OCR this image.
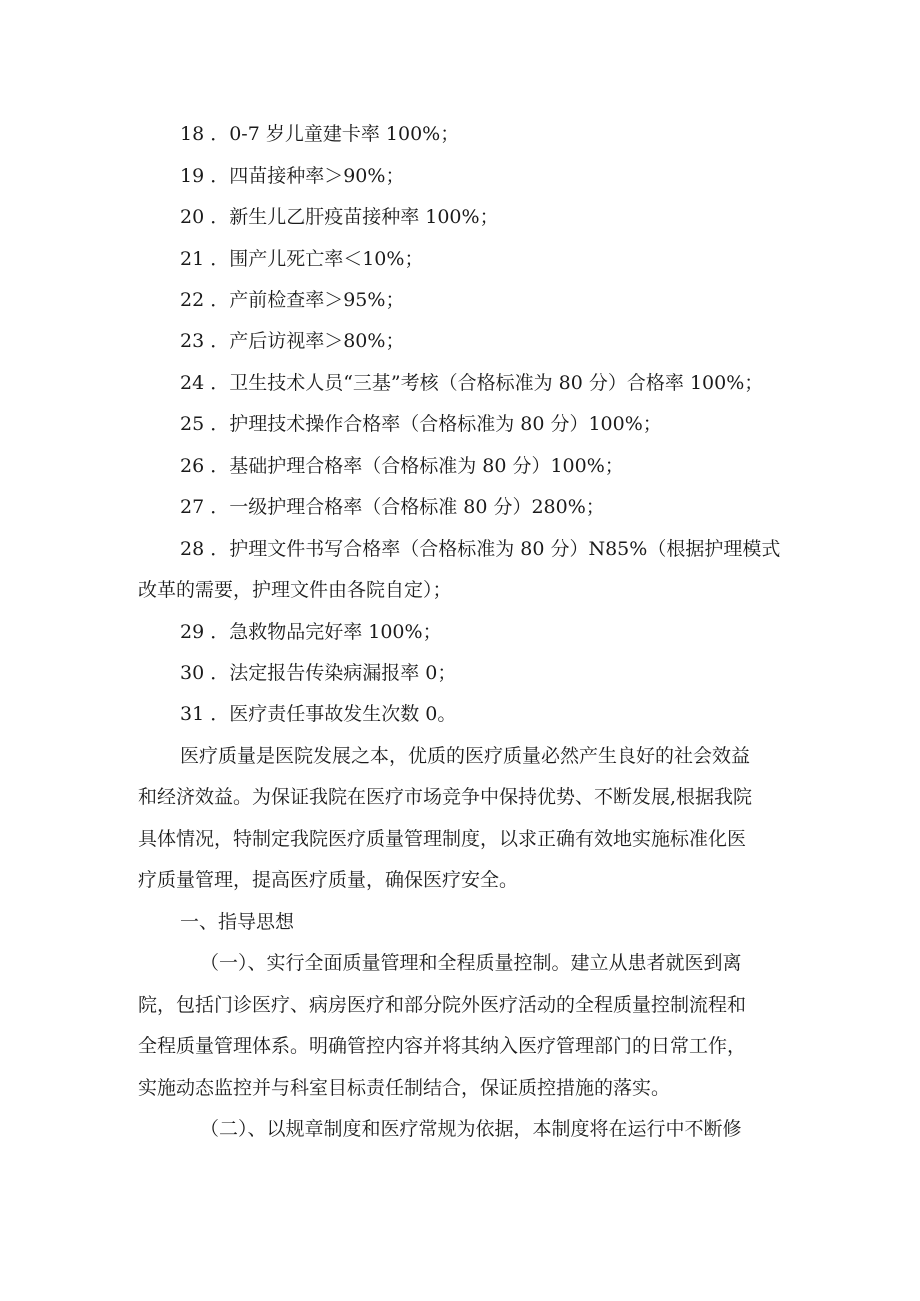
18 ．0-7 岁儿童建卡率 100%；
19 ．四苗接种率＞90%；
20 ．新生儿乙肝疫苗接种率 100%；
21 ．围产儿死亡率＜10%；
22 ．产前检查率＞95%；
23 ．产后访视率＞80%；
24 ．卫生技术人员“三基”考核（合格标准为 80 分）合格率 100%；
25 ．护理技术操作合格率（合格标准为 80 分）100%；
26 ．基础护理合格率（合格标准为 80 分）100%；
27 ．一级护理合格率（合格标准 80 分）280%；
28 ．护理文件书写合格率（合格标准为 80 分）N85%（根据护理模式
改革的需要，护理文件由各院自定）；
29 ．急救物品完好率 100%；
30 ．法定报告传染病漏报率 0；
31 ．医疗责任事故发生次数 0。
医疗质量是医院发展之本，优质的医疗质量必然产生良好的社会效益
和经济效益。为保证我院在医疗市场竞争中保持优势、不断发展,根据我院
具体情况，特制定我院医疗质量管理制度，以求正确有效地实施标准化医
疗质量管理，提高医疗质量，确保医疗安全。
一、指导思想
（一）、实行全面质量管理和全程质量控制。建立从患者就医到离
院，包括门诊医疗、病房医疗和部分院外医疗活动的全程质量控制流程和
全程质量管理体系。明确管控内容并将其纳入医疗管理部门的日常工作，
实施动态监控并与科室目标责任制结合，保证质控措施的落实。
（二）、以规章制度和医疗常规为依据，本制度将在运行中不断修
